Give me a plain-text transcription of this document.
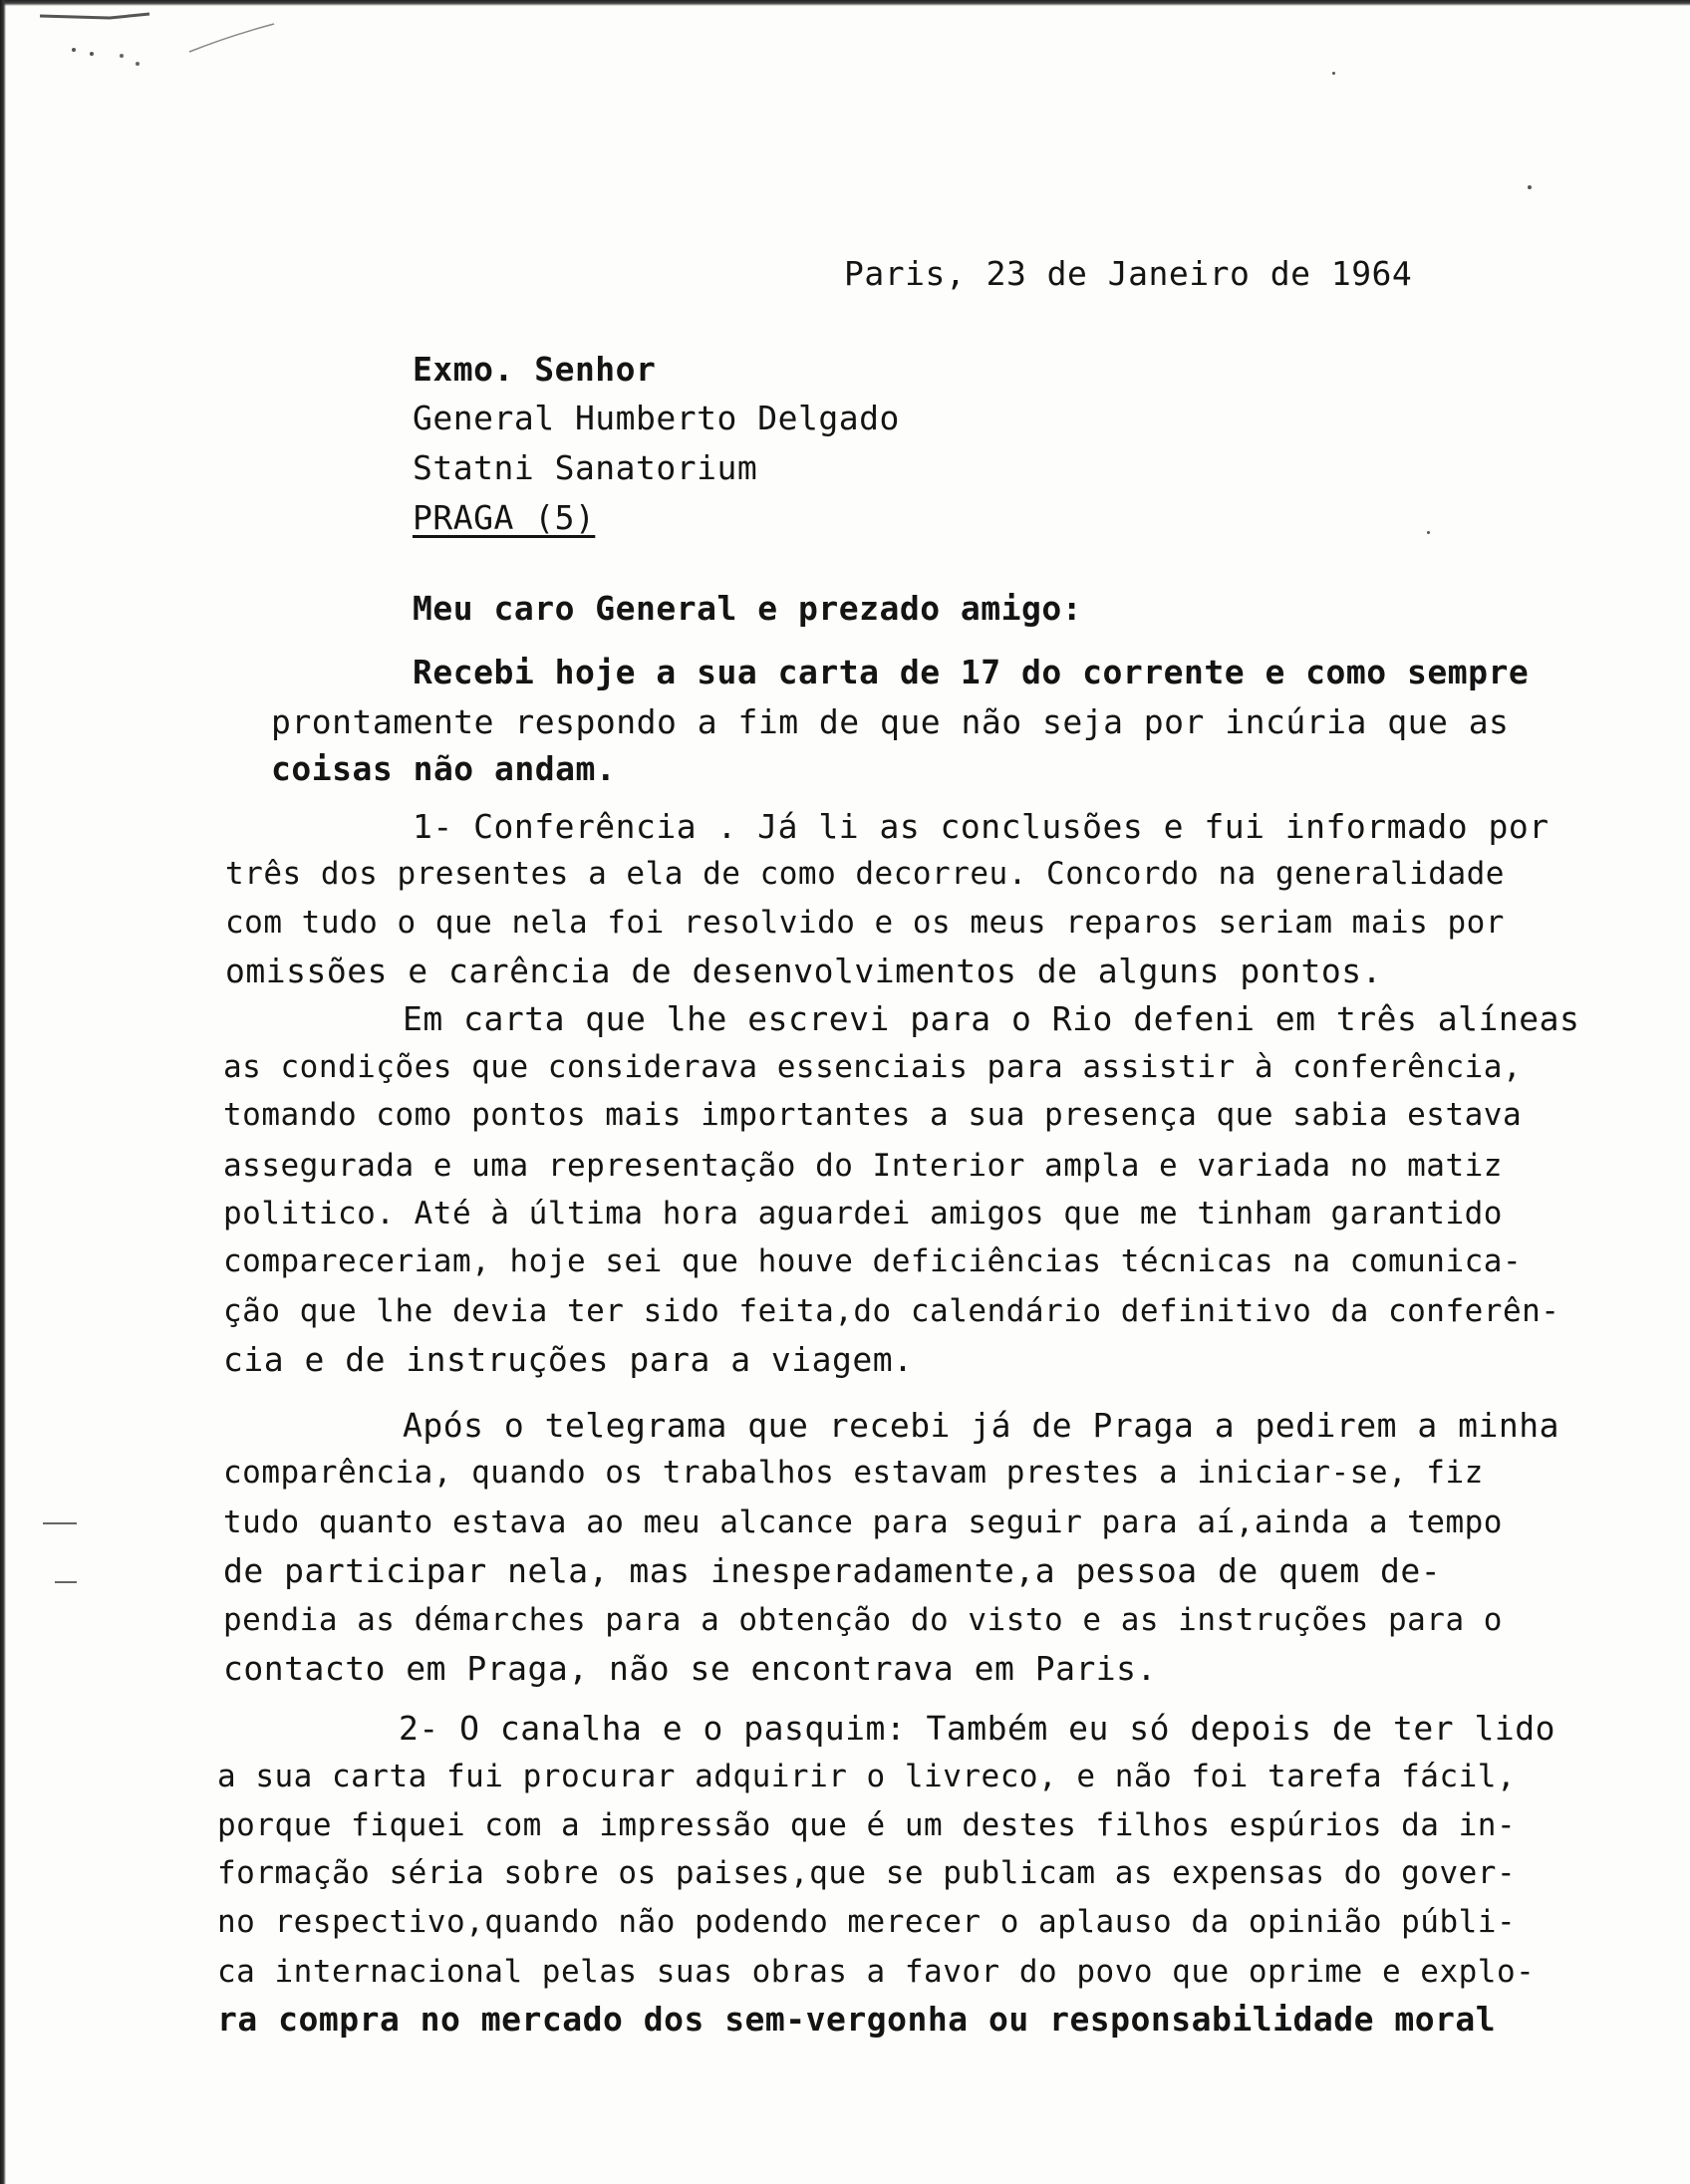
Paris, 23 de Janeiro de 1964
Exmo. Senhor
General Humberto Delgado
Statni Sanatorium
PRAGA (5)
Meu caro General e prezado amigo:
Recebi hoje a sua carta de 17 do corrente e como sempre
prontamente respondo a fim de que não seja por incúria que as
coisas não andam.
1- Conferência . Já li as conclusões e fui informado por
três dos presentes a ela de como decorreu. Concordo na generalidade
com tudo o que nela foi resolvido e os meus reparos seriam mais por
omissões e carência de desenvolvimentos de alguns pontos.
Em carta que lhe escrevi para o Rio defeni em três alíneas
as condições que considerava essenciais para assistir à conferência,
tomando como pontos mais importantes a sua presença que sabia estava
assegurada e uma representação do Interior ampla e variada no matiz
politico. Até à última hora aguardei amigos que me tinham garantido
compareceriam, hoje sei que houve deficiências técnicas na comunica-
ção que lhe devia ter sido feita,do calendário definitivo da conferên-
cia e de instruções para a viagem.
Após o telegrama que recebi já de Praga a pedirem a minha
comparência, quando os trabalhos estavam prestes a iniciar-se, fiz
tudo quanto estava ao meu alcance para seguir para aí,ainda a tempo
de participar nela, mas inesperadamente,a pessoa de quem de-
pendia as démarches para a obtenção do visto e as instruções para o
contacto em Praga, não se encontrava em Paris.
2- O canalha e o pasquim: Também eu só depois de ter lido
a sua carta fui procurar adquirir o livreco, e não foi tarefa fácil,
porque fiquei com a impressão que é um destes filhos espúrios da in-
formação séria sobre os paises,que se publicam as expensas do gover-
no respectivo,quando não podendo merecer o aplauso da opinião públi-
ca internacional pelas suas obras a favor do povo que oprime e explo-
ra compra no mercado dos sem-vergonha ou responsabilidade moral
